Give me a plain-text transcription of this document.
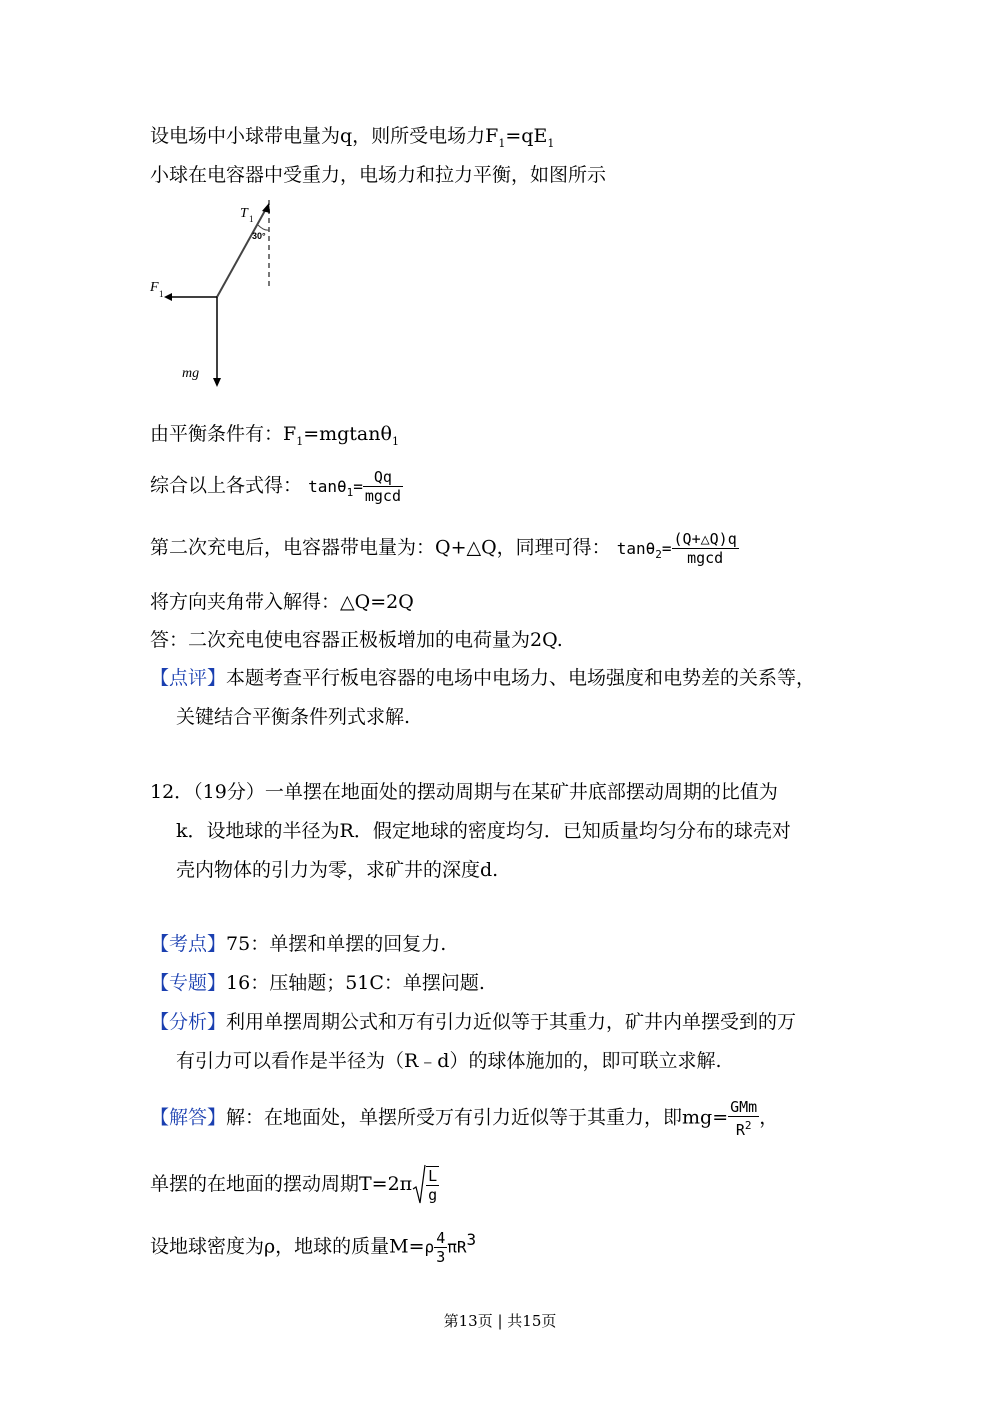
设电场中小球带电量为q，则所受电场力$F_1=qE_1$
小球在电容器中受重力，电场力和拉力平衡，如图所示
T 1
30°
F 1
mg
由平衡条件有：$F_1=mgtan\theta_1$
综合以上各式得： $\tan\theta_1= \frac{Qq}{mgcd}$
第二次充电后，电容器带电量为：Q+△Q，同理可得： $\tan\theta_2= \frac{(Q+\triangle Q)q}{mgcd}$
将方向夹角带入解得：△Q=2Q
答：二次充电使电容器正极板增加的电荷量为2Q.
【点评】本题考查平行板电容器的电场中电场力、电场强度和电势差的关系等，
关键结合平衡条件列式求解.
12．（19分）一单摆在地面处的摆动周期与在某矿井底部摆动周期的比值为
k．设地球的半径为R．假定地球的密度均匀．已知质量均匀分布的球壳对
壳内物体的引力为零，求矿井的深度d.
【考点】75：单摆和单摆的回复力.
【专题】16：压轴题；51C：单摆问题.
【分析】利用单摆周期公式和万有引力近似等于其重力，矿井内单摆受到的万
有引力可以看作是半径为（R﹣d）的球体施加的，即可联立求解.
【解答】解：在地面处，单摆所受万有引力近似等于其重力，即$mg= \frac{\text{GMm}}{R^2}$ ，
单摆的在地面的摆动周期$T=2\pi \frac{L}{g}$
设地球密度为ρ，地球的质量$M=\rho \frac{4}{3} \pi R^3$
第13页 | 共15页
